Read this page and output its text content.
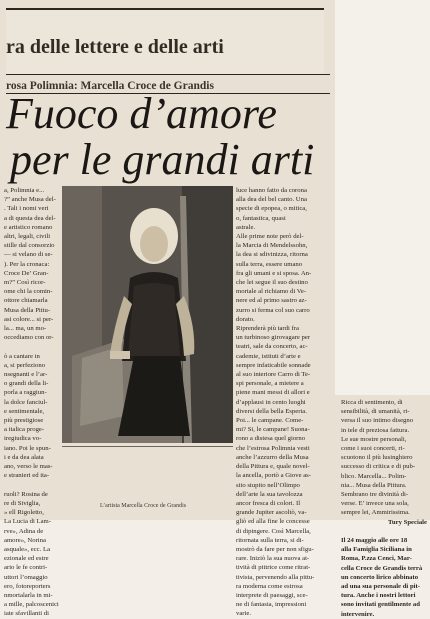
ra delle lettere e delle arti
rosa Polimnia: Marcella Croce de Grandis
Fuoco d’amore
per le grandi arti

a, Polimnia e...

?” anche Musa del-

. Tali i nomi veri

a di questa dea del-

e artistico romano

altri, legali, civili

stille dal consorzio

— si velano di se-

). Per la cronaca:

Croce De’ Gran-

m?” Così ricor-

ome chi la comin-

ottore chiamarla

Musa della Pittu-

asi colore... si per-

la... ma, un mo-

occediamo con or-

ò a cantare in

a, si perfeziono

nsegnanti e l’ar-

o grandi della li-

porla a raggiun-

la dolce fanciul-

e sentimentale,

più prestigiose

a italica proge-

iregiudica vo-

iano. Poi le spun-

i e da dea alata

ano, verso le mas-

e stranieri ed ita-

ruoli? Rosina de

re di Siviglia,

» ell Rigoletto,

La Lucia di Lam-

rve», Adina de

amore», Norina

asquale», ecc. La

ezionale ed estre

ario le fe contri-

uttori l’omaggio

ero, fotoreporters

nmortalarla in mi-

a mille, palcoscenici

iate sfavillanti di

L’artista Marcella Croce de Grandis

luce hanno fatto da corona

alla dea del bel canto. Una

specie di epopea, o mitica,

o, fantastica, quasi

astrale.

Alle prime note però del-

la Marcia di Mendelssohn,

la dea si sdivinizza, ritorna

sulla terra, essere umano

fra gli umani e si sposa. An-

che lei segue il suo destino

mortale al richiamo di Ve-

nere ed al primo sastro az-

zurro si ferma col suo carro

dorato.

Riprenderà più tardi fra

un turbinoso girovagare per

teatri, sale da concerto, ac-

cademie, istituti d’arte e

sempre infaticabile sonnade

al suo interiore Carro di Te-

spi personale, a mietere a

piene mani messi di allori e

d’applausi in cento luoghi

diversi della bella Esperia.

Poi... le campane. Come-

mi? Si, le campane! Suona-

rono a distesa quel giorno

che l’estrosa Polimnia vesti

anche l’azzurro della Musa

della Pittura e, quale novel-

la ancella, portò a Giove as-

sito stupito nell’Olimpo

dell’arte la sua tavolozza

ancor fresca di colori. Il

grande Jupiter ascoltò, va-

gliò ed alla fine le concesse

di dipingere. Così Marcella,

ritornata sulla terra, si di-

mostrò da fare per non sfigu-

rare. Iniziò la sua nuova at-

tività di pittrice come ritrat-

tivista, pervenendo alla pittu-

ra moderna come estrosa

interprete di paesaggi, sce-

ne di fantasia, impressioni

varie.

Ricca di sentimento, di

sensibilità, di umanità, ri-

versa il suo intimo disegno

in tele di preziosa fattura.

Le sue mostre personali,

come i suoi concerti, ri-

scuotono il più lusinghiero

successo di critica e di pub-

blico. Marcella... Polim-

nia... Musa della Pittura.

Sembrano tre divinità di-

verse. E’ invece una sola,

sempre lei, Ammirissima.

Tury Speciale

Il 24 maggio alle ore 18

alla Famiglia Siciliana in

Roma, P.zza Cenci, Mar-

cella Croce de Grandis terrà

un concerto lirico abbinato

ad una sua personale di pit-

tura. Anche i nostri lettori

sono invitati gentilmente ad

intervenire.
